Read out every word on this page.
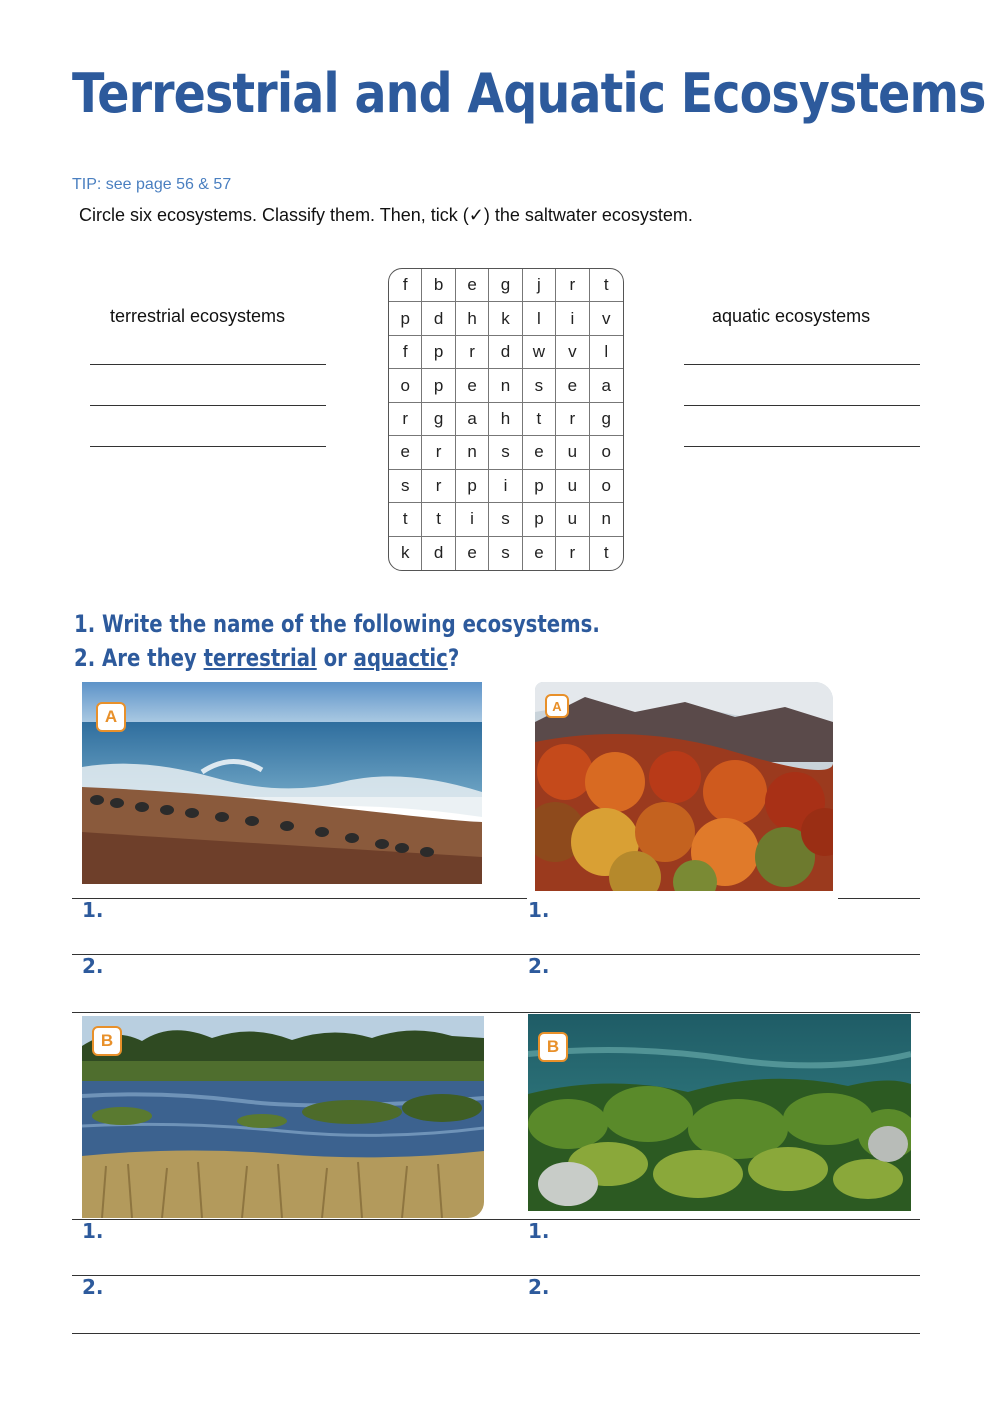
Terrestrial and Aquatic Ecosystems
TIP: see page 56 & 57
Circle six ecosystems. Classify them. Then, tick (✓) the saltwater ecosystem.
terrestrial ecosystems	aquatic ecosystems
f	b	e	g	j	r	t
p	d	h	k	l	i	v
f	p	r	d	w	v	l
o	p	e	n	s	e	a
r	g	a	h	t	r	g
e	r	n	s	e	u	o
s	r	p	i	p	u	o
t	t	i	s	p	u	n
k	d	e	s	e	r	t
1. Write the name of the following ecosystems.
2. Are they terrestrial or aquactic?
A
A
1.	1.
2.	2.
B	B
1.	1.
2.	2.
